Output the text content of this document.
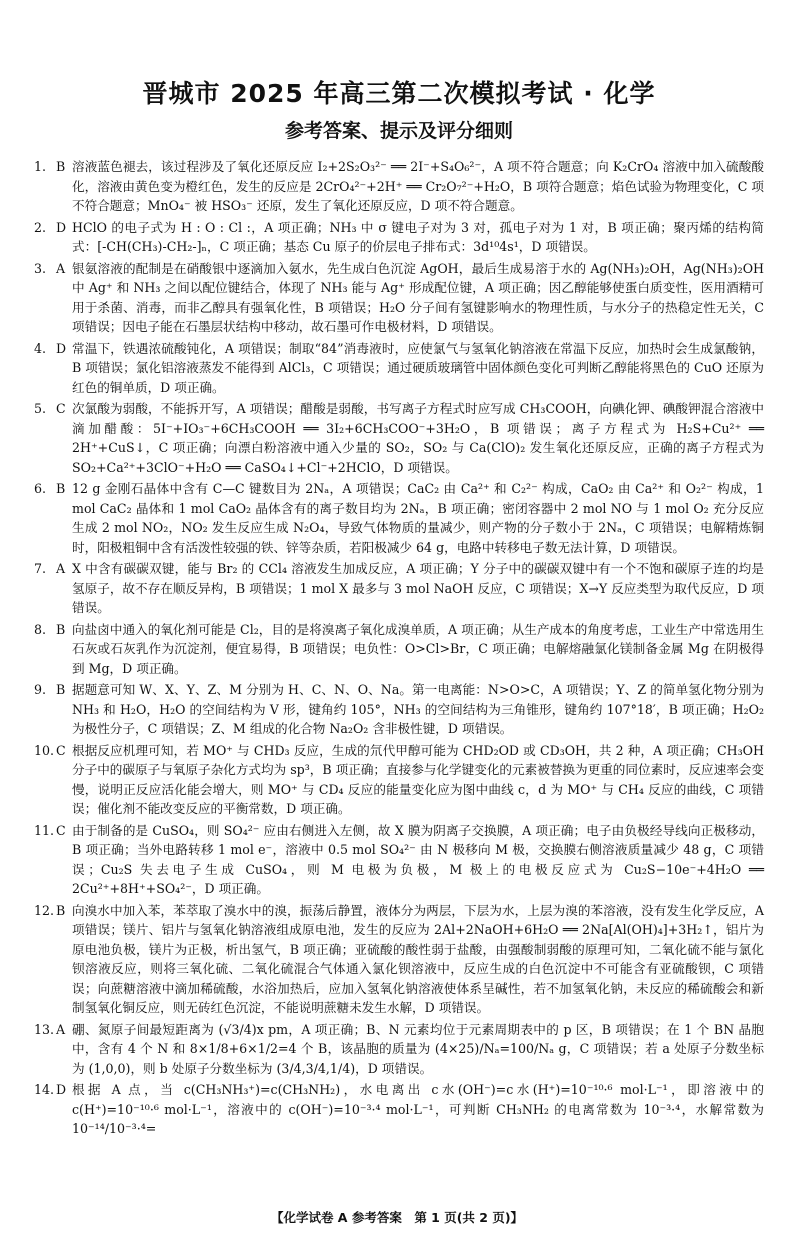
晋城市 2025 年高三第二次模拟考试 · 化学
参考答案、提示及评分细则
1. B 溶液蓝色褪去，该过程涉及了氧化还原反应 I₂+2S₂O₃²⁻ ══ 2I⁻+S₄O₆²⁻，A 项不符合题意；向 K₂CrO₄ 溶液中加入硫酸酸化，溶液由黄色变为橙红色，发生的反应是 2CrO₄²⁻+2H⁺ ══ Cr₂O₇²⁻+H₂O，B 项符合题意；焰色试验为物理变化，C 项不符合题意；MnO₄⁻ 被 HSO₃⁻ 还原，发生了氧化还原反应，D 项不符合题意。
2. D HClO 的电子式为 H : O : Cl :，A 项正确；NH₃ 中 σ 键电子对为 3 对，孤电子对为 1 对，B 项正确；聚丙烯的结构简式：[-CH(CH₃)-CH₂-]ₙ，C 项正确；基态 Cu 原子的价层电子排布式：3d¹⁰4s¹，D 项错误。
3. A 银氨溶液的配制是在硝酸银中逐滴加入氨水，先生成白色沉淀 AgOH，最后生成易溶于水的 Ag(NH₃)₂OH，Ag(NH₃)₂OH 中 Ag⁺ 和 NH₃ 之间以配位键结合，体现了 NH₃ 能与 Ag⁺ 形成配位键，A 项正确；因乙醇能够使蛋白质变性，医用酒精可用于杀菌、消毒，而非乙醇具有强氧化性，B 项错误；H₂O 分子间有氢键影响水的物理性质，与水分子的热稳定性无关，C 项错误；因电子能在石墨层状结构中移动，故石墨可作电极材料，D 项错误。
4. D 常温下，铁遇浓硫酸钝化，A 项错误；制取“84”消毒液时，应使氯气与氢氧化钠溶液在常温下反应，加热时会生成氯酸钠，B 项错误；氯化铝溶液蒸发不能得到 AlCl₃，C 项错误；通过硬质玻璃管中固体颜色变化可判断乙醇能将黑色的 CuO 还原为红色的铜单质，D 项正确。
5. C 次氯酸为弱酸，不能拆开写，A 项错误；醋酸是弱酸，书写离子方程式时应写成 CH₃COOH，向碘化钾、碘酸钾混合溶液中滴加醋酸：5I⁻+IO₃⁻+6CH₃COOH ══ 3I₂+6CH₃COO⁻+3H₂O，B 项错误；离子方程式为 H₂S+Cu²⁺ ══ 2H⁺+CuS↓，C 项正确；向漂白粉溶液中通入少量的 SO₂，SO₂ 与 Ca(ClO)₂ 发生氧化还原反应，正确的离子方程式为 SO₂+Ca²⁺+3ClO⁻+H₂O ══ CaSO₄↓+Cl⁻+2HClO，D 项错误。
6. B 12 g 金刚石晶体中含有 C—C 键数目为 2Nₐ，A 项错误；CaC₂ 由 Ca²⁺ 和 C₂²⁻ 构成，CaO₂ 由 Ca²⁺ 和 O₂²⁻ 构成，1 mol CaC₂ 晶体和 1 mol CaO₂ 晶体含有的离子数目均为 2Nₐ，B 项正确；密闭容器中 2 mol NO 与 1 mol O₂ 充分反应生成 2 mol NO₂，NO₂ 发生反应生成 N₂O₄，导致气体物质的量减少，则产物的分子数小于 2Nₐ，C 项错误；电解精炼铜时，阳极粗铜中含有活泼性较强的铁、锌等杂质，若阳极减少 64 g，电路中转移电子数无法计算，D 项错误。
7. A X 中含有碳碳双键，能与 Br₂ 的 CCl₄ 溶液发生加成反应，A 项正确；Y 分子中的碳碳双键中有一个不饱和碳原子连的均是氢原子，故不存在顺反异构，B 项错误；1 mol X 最多与 3 mol NaOH 反应，C 项错误；X→Y 反应类型为取代反应，D 项错误。
8. B 向盐卤中通入的氧化剂可能是 Cl₂，目的是将溴离子氧化成溴单质，A 项正确；从生产成本的角度考虑，工业生产中常选用生石灰或石灰乳作为沉淀剂，便宜易得，B 项错误；电负性：O>Cl>Br，C 项正确；电解熔融氯化镁制备金属 Mg 在阴极得到 Mg，D 项正确。
9. B 据题意可知 W、X、Y、Z、M 分别为 H、C、N、O、Na。第一电离能：N>O>C，A 项错误；Y、Z 的简单氢化物分别为 NH₃ 和 H₂O，H₂O 的空间结构为 V 形，键角约 105°，NH₃ 的空间结构为三角锥形，键角约 107°18′，B 项正确；H₂O₂ 为极性分子，C 项错误；Z、M 组成的化合物 Na₂O₂ 含非极性键，D 项错误。
10. C 根据反应机理可知，若 MO⁺ 与 CHD₃ 反应，生成的氘代甲醇可能为 CHD₂OD 或 CD₃OH，共 2 种，A 项正确；CH₃OH 分子中的碳原子与氧原子杂化方式均为 sp³，B 项正确；直接参与化学键变化的元素被替换为更重的同位素时，反应速率会变慢，说明正反应活化能会增大，则 MO⁺ 与 CD₄ 反应的能量变化应为图中曲线 c，d 为 MO⁺ 与 CH₄ 反应的曲线，C 项错误；催化剂不能改变反应的平衡常数，D 项正确。
11. C 由于制备的是 CuSO₄，则 SO₄²⁻ 应由右侧进入左侧，故 X 膜为阴离子交换膜，A 项正确；电子由负极经导线向正极移动，B 项正确；当外电路转移 1 mol e⁻，溶液中 0.5 mol SO₄²⁻ 由 N 极移向 M 极，交换膜右侧溶液质量减少 48 g，C 项错误；Cu₂S 失去电子生成 CuSO₄，则 M 电极为负极，M 极上的电极反应式为 Cu₂S−10e⁻+4H₂O ══ 2Cu²⁺+8H⁺+SO₄²⁻，D 项正确。
12. B 向溴水中加入苯，苯萃取了溴水中的溴，振荡后静置，液体分为两层，下层为水，上层为溴的苯溶液，没有发生化学反应，A 项错误；镁片、铝片与氢氧化钠溶液组成原电池，发生的反应为 2Al+2NaOH+6H₂O ══ 2Na[Al(OH)₄]+3H₂↑，铝片为原电池负极，镁片为正极，析出氢气，B 项正确；亚硫酸的酸性弱于盐酸，由强酸制弱酸的原理可知，二氧化硫不能与氯化钡溶液反应，则将三氧化硫、二氧化硫混合气体通入氯化钡溶液中，反应生成的白色沉淀中不可能含有亚硫酸钡，C 项错误；向蔗糖溶液中滴加稀硫酸，水浴加热后，应加入氢氧化钠溶液使体系呈碱性，若不加氢氧化钠，未反应的稀硫酸会和新制氢氧化铜反应，则无砖红色沉淀，不能说明蔗糖未发生水解，D 项错误。
13. A 硼、氮原子间最短距离为 (√3/4)x pm，A 项正确；B、N 元素均位于元素周期表中的 p 区，B 项错误；在 1 个 BN 晶胞中，含有 4 个 N 和 8×1/8+6×1/2=4 个 B，该晶胞的质量为 (4×25)/Nₐ=100/Nₐ g，C 项错误；若 a 处原子分数坐标为 (1,0,0)，则 b 处原子分数坐标为 (3/4,3/4,1/4)，D 项错误。
14. D 根据 A 点，当 c(CH₃NH₃⁺)=c(CH₃NH₂)，水电离出 c水(OH⁻)=c水(H⁺)=10⁻¹⁰·⁶ mol·L⁻¹，即溶液中的 c(H⁺)=10⁻¹⁰·⁶ mol·L⁻¹，溶液中的 c(OH⁻)=10⁻³·⁴ mol·L⁻¹，可判断 CH₃NH₂ 的电离常数为 10⁻³·⁴，水解常数为 10⁻¹⁴/10⁻³·⁴=
【化学试卷 A 参考答案　第 1 页(共 2 页)】
